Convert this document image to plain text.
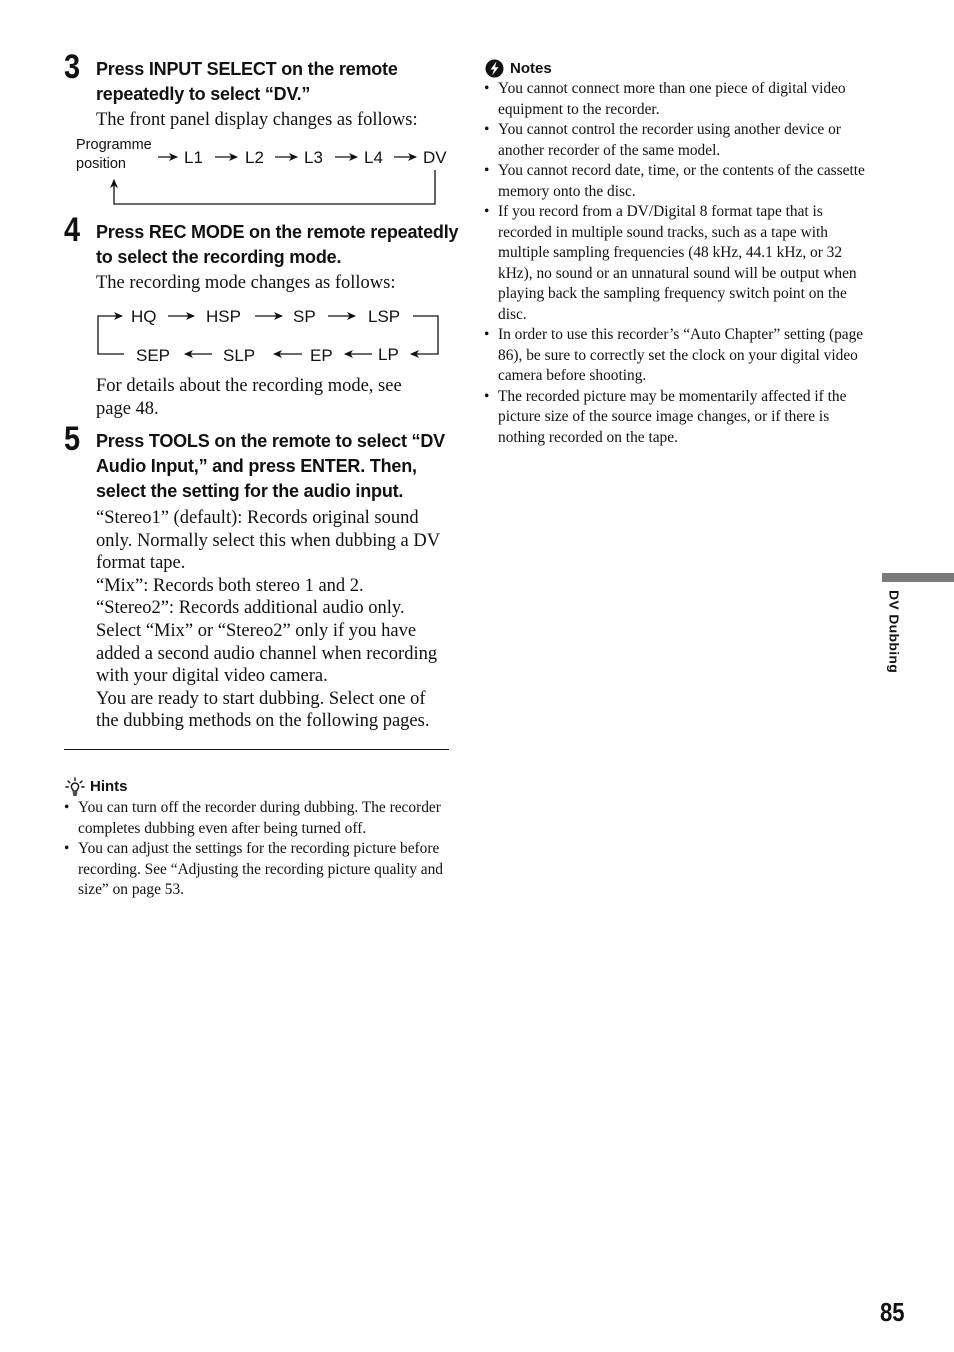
3 Press INPUT SELECT on the remote
repeatedly to select “DV.”
The front panel display changes as follows:
Programme
position	L1 L2 L3 L4 DV
4 Press REC MODE on the remote repeatedly
to select the recording mode.
The recording mode changes as follows:
HQ	HSP	SP	LSP
SEP	SLP	EP	LP
For details about the recording mode, see
page 48.
5 Press TOOLS on the remote to select “DV
Audio Input,” and press ENTER. Then,
select the setting for the audio input.
“Stereo1” (default): Records original sound
only. Normally select this when dubbing a DV
format tape.
“Mix”: Records both stereo 1 and 2.
“Stereo2”: Records additional audio only.
Select “Mix” or “Stereo2” only if you have
added a second audio channel when recording
with your digital video camera.
You are ready to start dubbing. Select one of
the dubbing methods on the following pages.
Hints
• You can turn off the recorder during dubbing. The recorder completes dubbing even after being turned off.
• You can adjust the settings for the recording picture before recording. See “Adjusting the recording picture quality and size” on page 53.
Notes
• You cannot connect more than one piece of digital video equipment to the recorder.
• You cannot control the recorder using another device or another recorder of the same model.
• You cannot record date, time, or the contents of the cassette memory onto the disc.
• If you record from a DV/Digital 8 format tape that is recorded in multiple sound tracks, such as a tape with multiple sampling frequencies (48 kHz, 44.1 kHz, or 32 kHz), no sound or an unnatural sound will be output when playing back the sampling frequency switch point on the disc.
• In order to use this recorder’s “Auto Chapter” setting (page 86), be sure to correctly set the clock on your digital video camera before shooting.
• The recorded picture may be momentarily affected if the picture size of the source image changes, or if there is nothing recorded on the tape.
DV Dubbing
85
